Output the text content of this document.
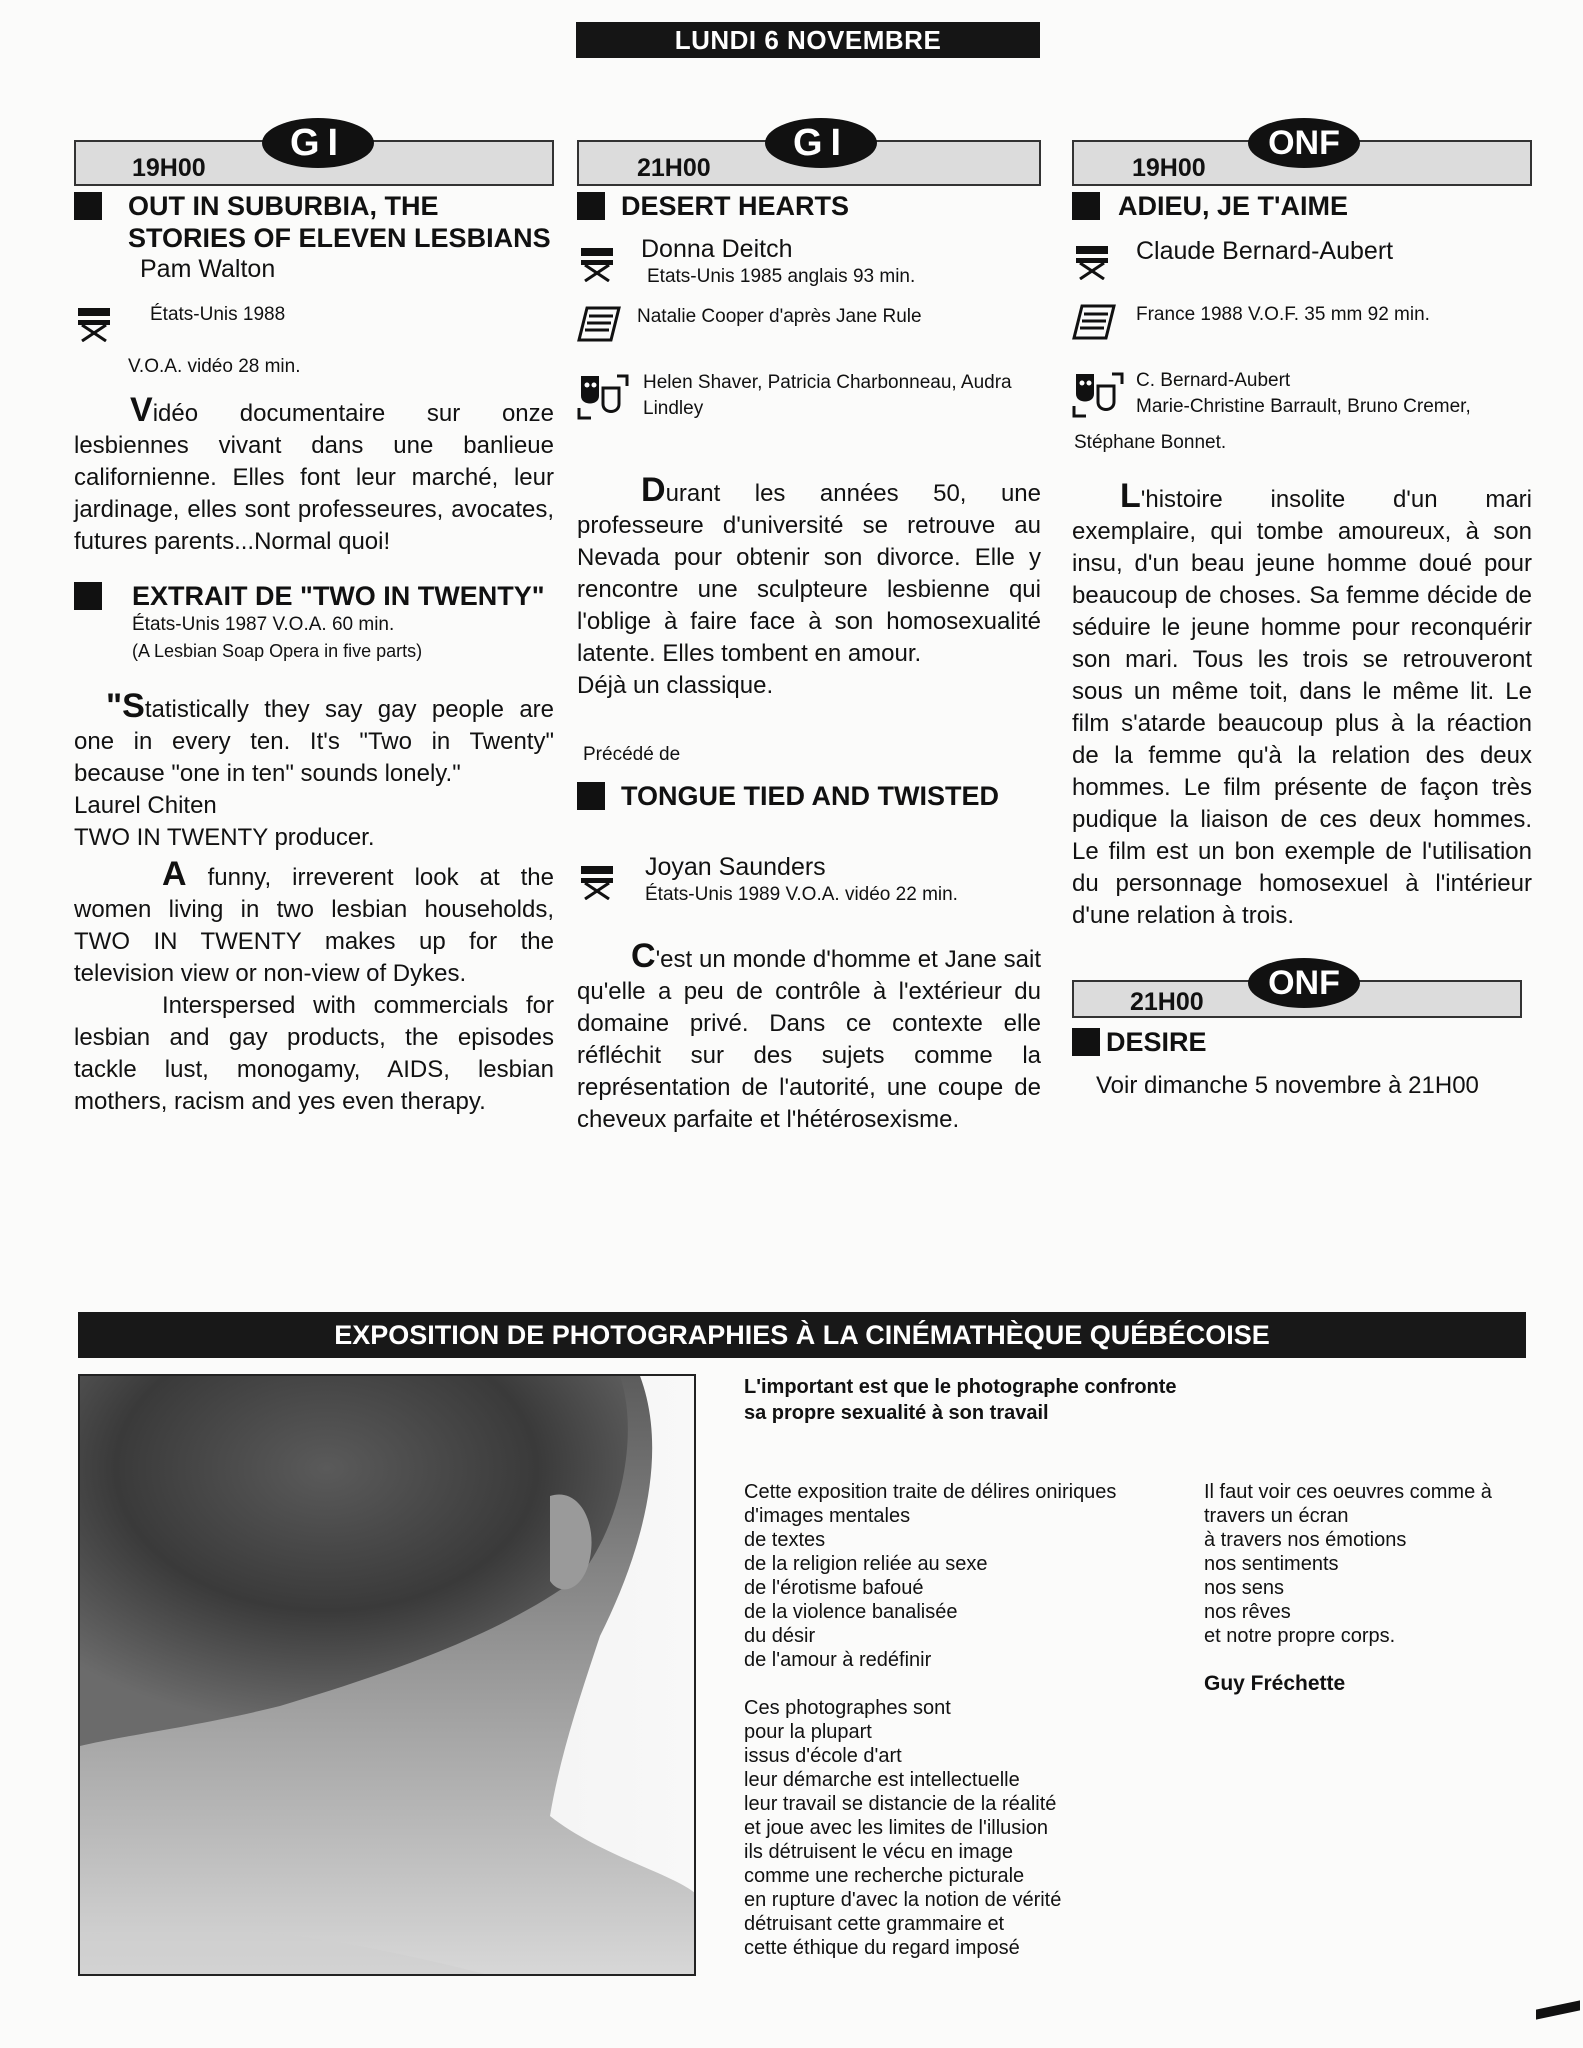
LUNDI 6 NOVEMBRE
19H00
GI
OUT IN SUBURBIA, THE STORIES OF ELEVEN LESBIANS
Pam Walton
États-Unis 1988
V.O.A. vidéo 28 min.

Vidéo documentaire sur onze lesbiennes vivant dans une banlieue californienne. Elles font leur marché, leur jardinage, elles sont professeures, avocates, futures parents...Normal quoi!

EXTRAIT DE "TWO IN TWENTY"
États-Unis 1987 V.O.A. 60 min.
(A Lesbian Soap Opera in five parts)

"Statistically they say gay people are one in every ten. It's "Two in Twenty" because "one in ten" sounds lonely."

Laurel Chiten
TWO IN TWENTY producer.

A funny, irreverent look at the women living in two lesbian households, TWO IN TWENTY makes up for the television view or non-view of Dykes.

Interspersed with commercials for lesbian and gay products, the episodes tackle lust, monogamy, AIDS, lesbian mothers, racism and yes even therapy.

21H00
GI
DESERT HEARTS
Donna Deitch
Etats-Unis 1985 anglais 93 min.
Natalie Cooper d'après Jane Rule
Helen Shaver, Patricia Charbonneau, Audra Lindley

Durant les années 50, une professeure d'université se retrouve au Nevada pour obtenir son divorce. Elle y rencontre une sculpteure lesbienne qui l'oblige à faire face à son homosexualité latente. Elles tombent en amour.

Déjà un classique.
Précédé de
TONGUE TIED AND TWISTED
Joyan Saunders
États-Unis 1989 V.O.A. vidéo 22 min.

C'est un monde d'homme et Jane sait qu'elle a peu de contrôle à l'extérieur du domaine privé. Dans ce contexte elle réfléchit sur des sujets comme la représentation de l'autorité, une coupe de cheveux parfaite et l'hétérosexisme.

19H00
ONF
ADIEU, JE T'AIME
Claude Bernard-Aubert
France 1988 V.O.F. 35 mm 92 min.
C. Bernard-Aubert
Marie-Christine Barrault, Bruno Cremer,
Stéphane Bonnet.

L'histoire insolite d'un mari exemplaire, qui tombe amoureux, à son insu, d'un beau jeune homme doué pour beaucoup de choses. Sa femme décide de séduire le jeune homme pour reconquérir son mari. Tous les trois se retrouveront sous un même toit, dans le même lit. Le film s'atarde beaucoup plus à la réaction de la femme qu'à la relation des deux hommes. Le film présente de façon très pudique la liaison de ces deux hommes. Le film est un bon exemple de l'utilisation du personnage homosexuel à l'intérieur d'une relation à trois.

21H00	ONF
DESIRE
Voir dimanche 5 novembre à 21H00
EXPOSITION DE PHOTOGRAPHIES À LA CINÉMATHÈQUE QUÉBÉCOISE
L'important est que le photographe confronte
sa propre sexualité à son travail

Cette exposition traite de délires oniriques
d'images mentales
de textes
de la religion reliée au sexe
de l'érotisme bafoué
de la violence banalisée
du désir
de l'amour à redéfinir

Ces photographes sont
pour la plupart
issus d'école d'art
leur démarche est intellectuelle
leur travail se distancie de la réalité
et joue avec les limites de l'illusion
ils détruisent le vécu en image
comme une recherche picturale
en rupture d'avec la notion de vérité
détruisant cette grammaire et
cette éthique du regard imposé

Il faut voir ces oeuvres comme à
travers un écran
à travers nos émotions
nos sentiments
nos sens
nos rêves
et notre propre corps.

Guy Fréchette
